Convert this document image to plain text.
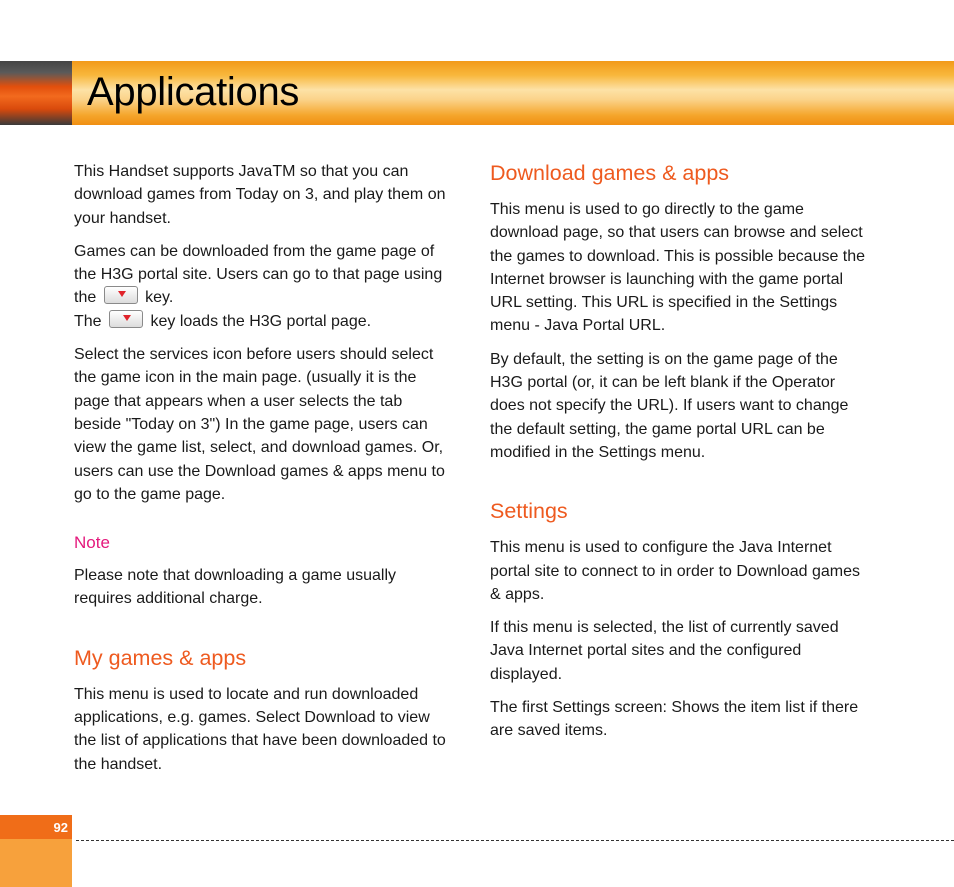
Applications

This Handset supports JavaTM so that you can download games from Today on 3, and play them on your handset.

Games can be downloaded from the game page of the H3G portal site. Users can go to that page using the	key.
The	key loads the H3G portal page.

Select the services icon before users should select the game icon in the main page. (usually it is the page that appears when a user selects the tab beside "Today on 3") In the game page, users can view the game list, select, and download games. Or, users can use the Download games & apps menu to go to the game page.

Note

Please note that downloading a game usually requires additional charge.

My games & apps

This menu is used to locate and run downloaded applications, e.g. games. Select Download to view the list of applications that have been downloaded to the handset.

Download games & apps

This menu is used to go directly to the game download page, so that users can browse and select the games to download. This is possible because the Internet browser is launching with the game portal URL setting. This URL is specified in the Settings menu - Java Portal URL.

By default, the setting is on the game page of the H3G portal (or, it can be left blank if the Operator does not specify the URL). If users want to change the default setting, the game portal URL can be modified in the Settings menu.

Settings

This menu is used to configure the Java Internet portal site to connect to in order to Download games & apps.

If this menu is selected, the list of currently saved Java Internet portal sites and the configured displayed.

The first Settings screen: Shows the item list if there are saved items.

92
